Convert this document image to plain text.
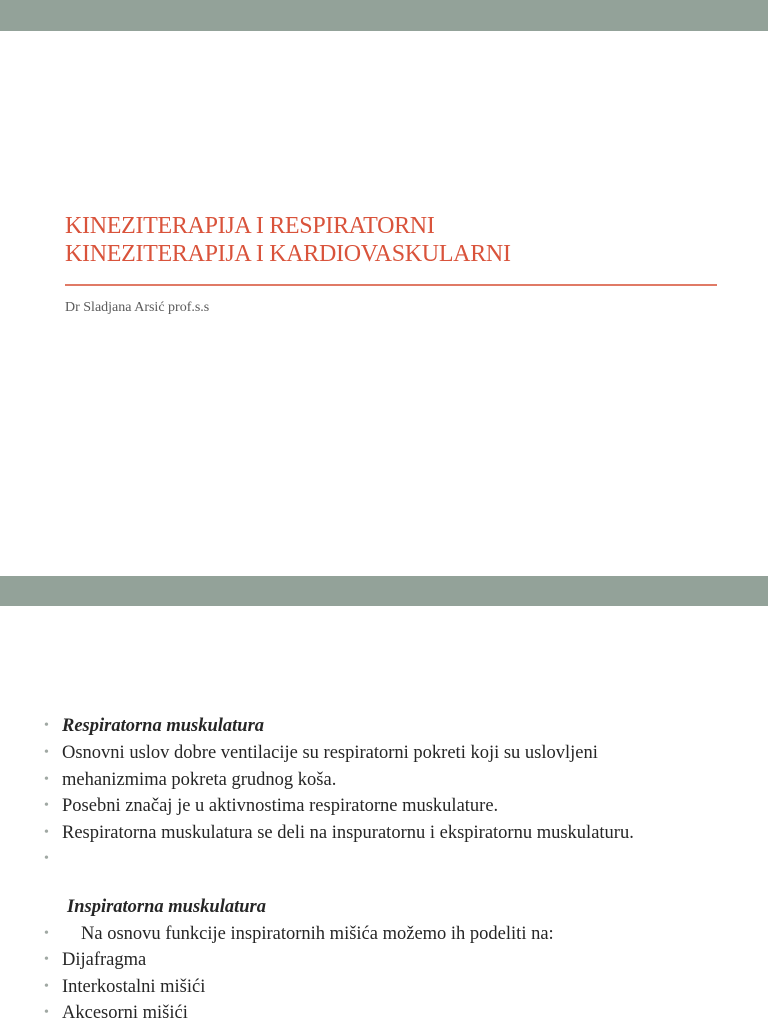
KINEZITERAPIJA I RESPIRATORNI
KINEZITERAPIJA I KARDIOVASKULARNI
Dr Sladjana Arsić prof.s.s
• Respiratorna muskulatura
• Osnovni uslov dobre ventilacije su respiratorni pokreti koji su uslovljeni
• mehanizmima pokreta grudnog koša.
• Posebni značaj je u aktivnostima respiratorne muskulature.
• Respiratorna muskulatura se deli na inspuratornu i ekspiratornu muskulaturu.
•
Inspiratorna muskulatura
• Na osnovu funkcije inspiratornih mišića možemo ih podeliti na:
• Dijafragma
• Interkostalni mišići
• Akcesorni mišići
